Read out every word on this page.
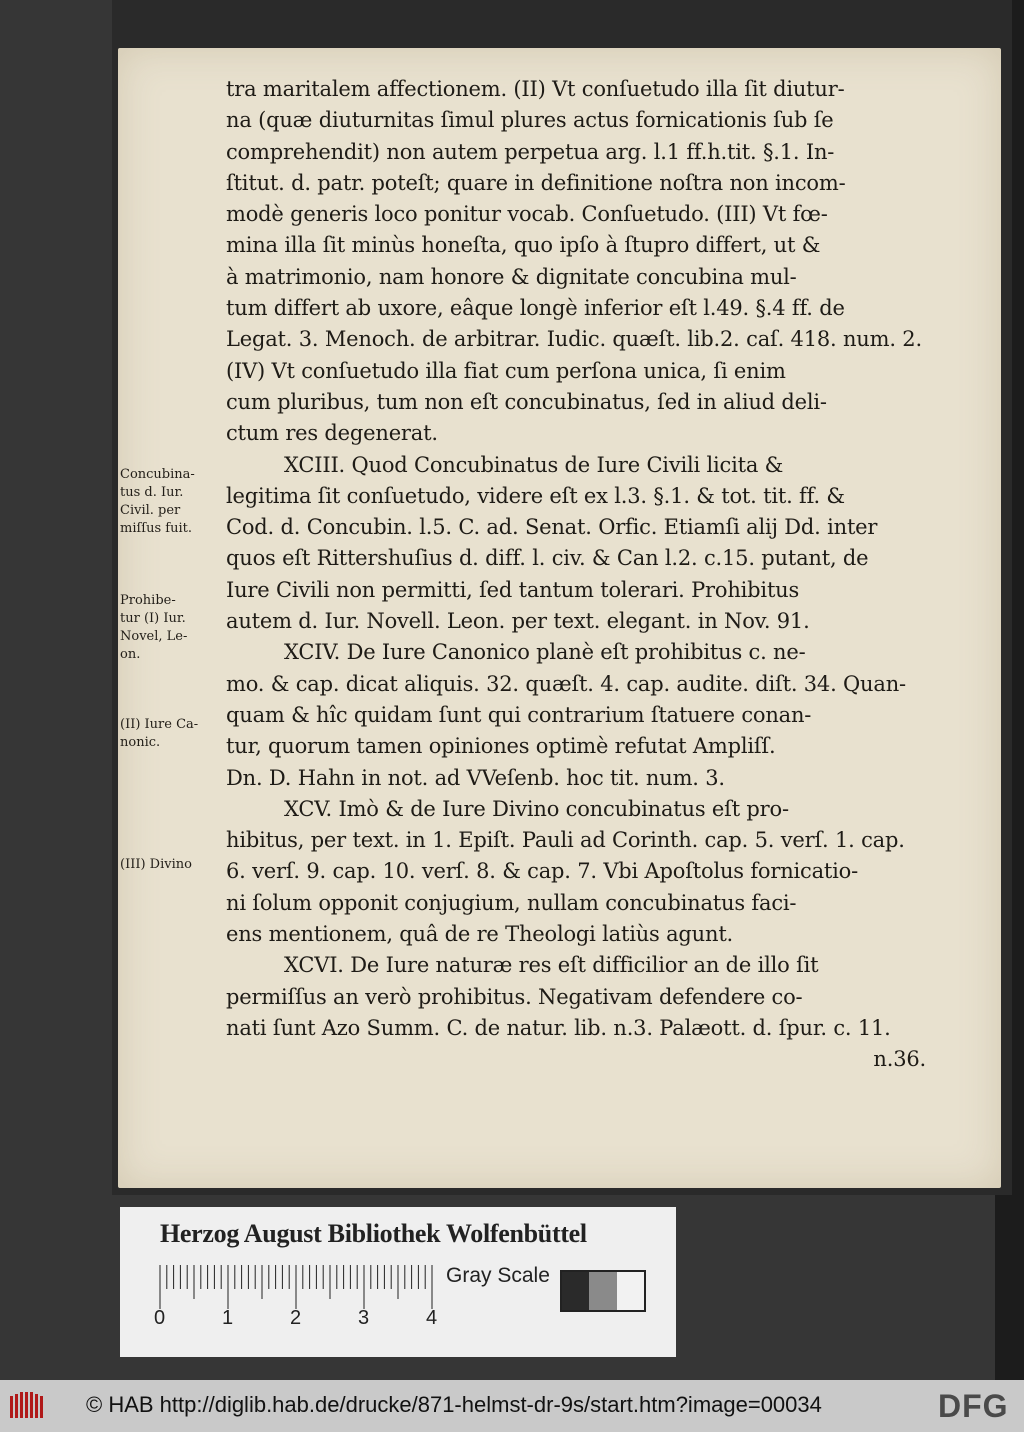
tra maritalem affectionem. (II) Vt conſuetudo illa ſit diutur-
na (quæ diuturnitas ſimul plures actus fornicationis ſub ſe
comprehendit) non autem perpetua arg. l.1 ff.h.tit. §.1. In-
ſtitut. d. patr. poteſt; quare in definitione noſtra non incom-
modè generis loco ponitur vocab. Conſuetudo. (III) Vt fœ-
mina illa ſit minùs honeſta, quo ipſo à ſtupro differt, ut &
à matrimonio, nam honore & dignitate concubina mul-
tum differt ab uxore, eâque longè inferior eſt l.49. §.4 ff. de
Legat. 3. Menoch. de arbitrar. Iudic. quæſt. lib.2. caſ. 418. num. 2.
(IV) Vt conſuetudo illa fiat cum perſona unica, ſi enim
cum pluribus, tum non eſt concubinatus, ſed in aliud deli-
ctum res degenerat.
XCIII. Quod Concubinatus de Iure Civili licita &
legitima ſit conſuetudo, videre eſt ex l.3. §.1. & tot. tit. ff. &
Cod. d. Concubin. l.5. C. ad. Senat. Orfic. Etiamſi alij Dd. inter
quos eſt Rittershuſius d. diff. l. civ. & Can l.2. c.15. putant, de
Iure Civili non permitti, ſed tantum tolerari. Prohibitus
autem d. Iur. Novell. Leon. per text. elegant. in Nov. 91.
XCIV. De Iure Canonico planè eſt prohibitus c. ne-
mo. & cap. dicat aliquis. 32. quæſt. 4. cap. audite. diſt. 34. Quan-
quam & hîc quidam ſunt qui contrarium ſtatuere conan-
tur, quorum tamen opiniones optimè refutat Ampliſſ.
Dn. D. Hahn in not. ad VVeſenb. hoc tit. num. 3.
XCV. Imò & de Iure Divino concubinatus eſt pro-
hibitus, per text. in 1. Epiſt. Pauli ad Corinth. cap. 5. verſ. 1. cap.
6. verſ. 9. cap. 10. verſ. 8. & cap. 7. Vbi Apoſtolus fornicatio-
ni ſolum opponit conjugium, nullam concubinatus faci-
ens mentionem, quâ de re Theologi latiùs agunt.
XCVI. De Iure naturæ res eſt difficilior an de illo ſit
permiſſus an verò prohibitus. Negativam defendere co-
nati ſunt Azo Summ. C. de natur. lib. n.3. Palæott. d. ſpur. c. 11.
n.36.
Concubina-
tus d. Iur.
Civil. per
miſſus fuit.
Prohibe-
tur (I) Iur.
Novel, Le-
on.
(II) Iure Ca-
nonic.
(III) Divino
Herzog August Bibliothek Wolfenbüttel
0	1	2	3	4
Gray Scale
© HAB http://diglib.hab.de/drucke/871-helmst-dr-9s/start.htm?image=00034	DFG
